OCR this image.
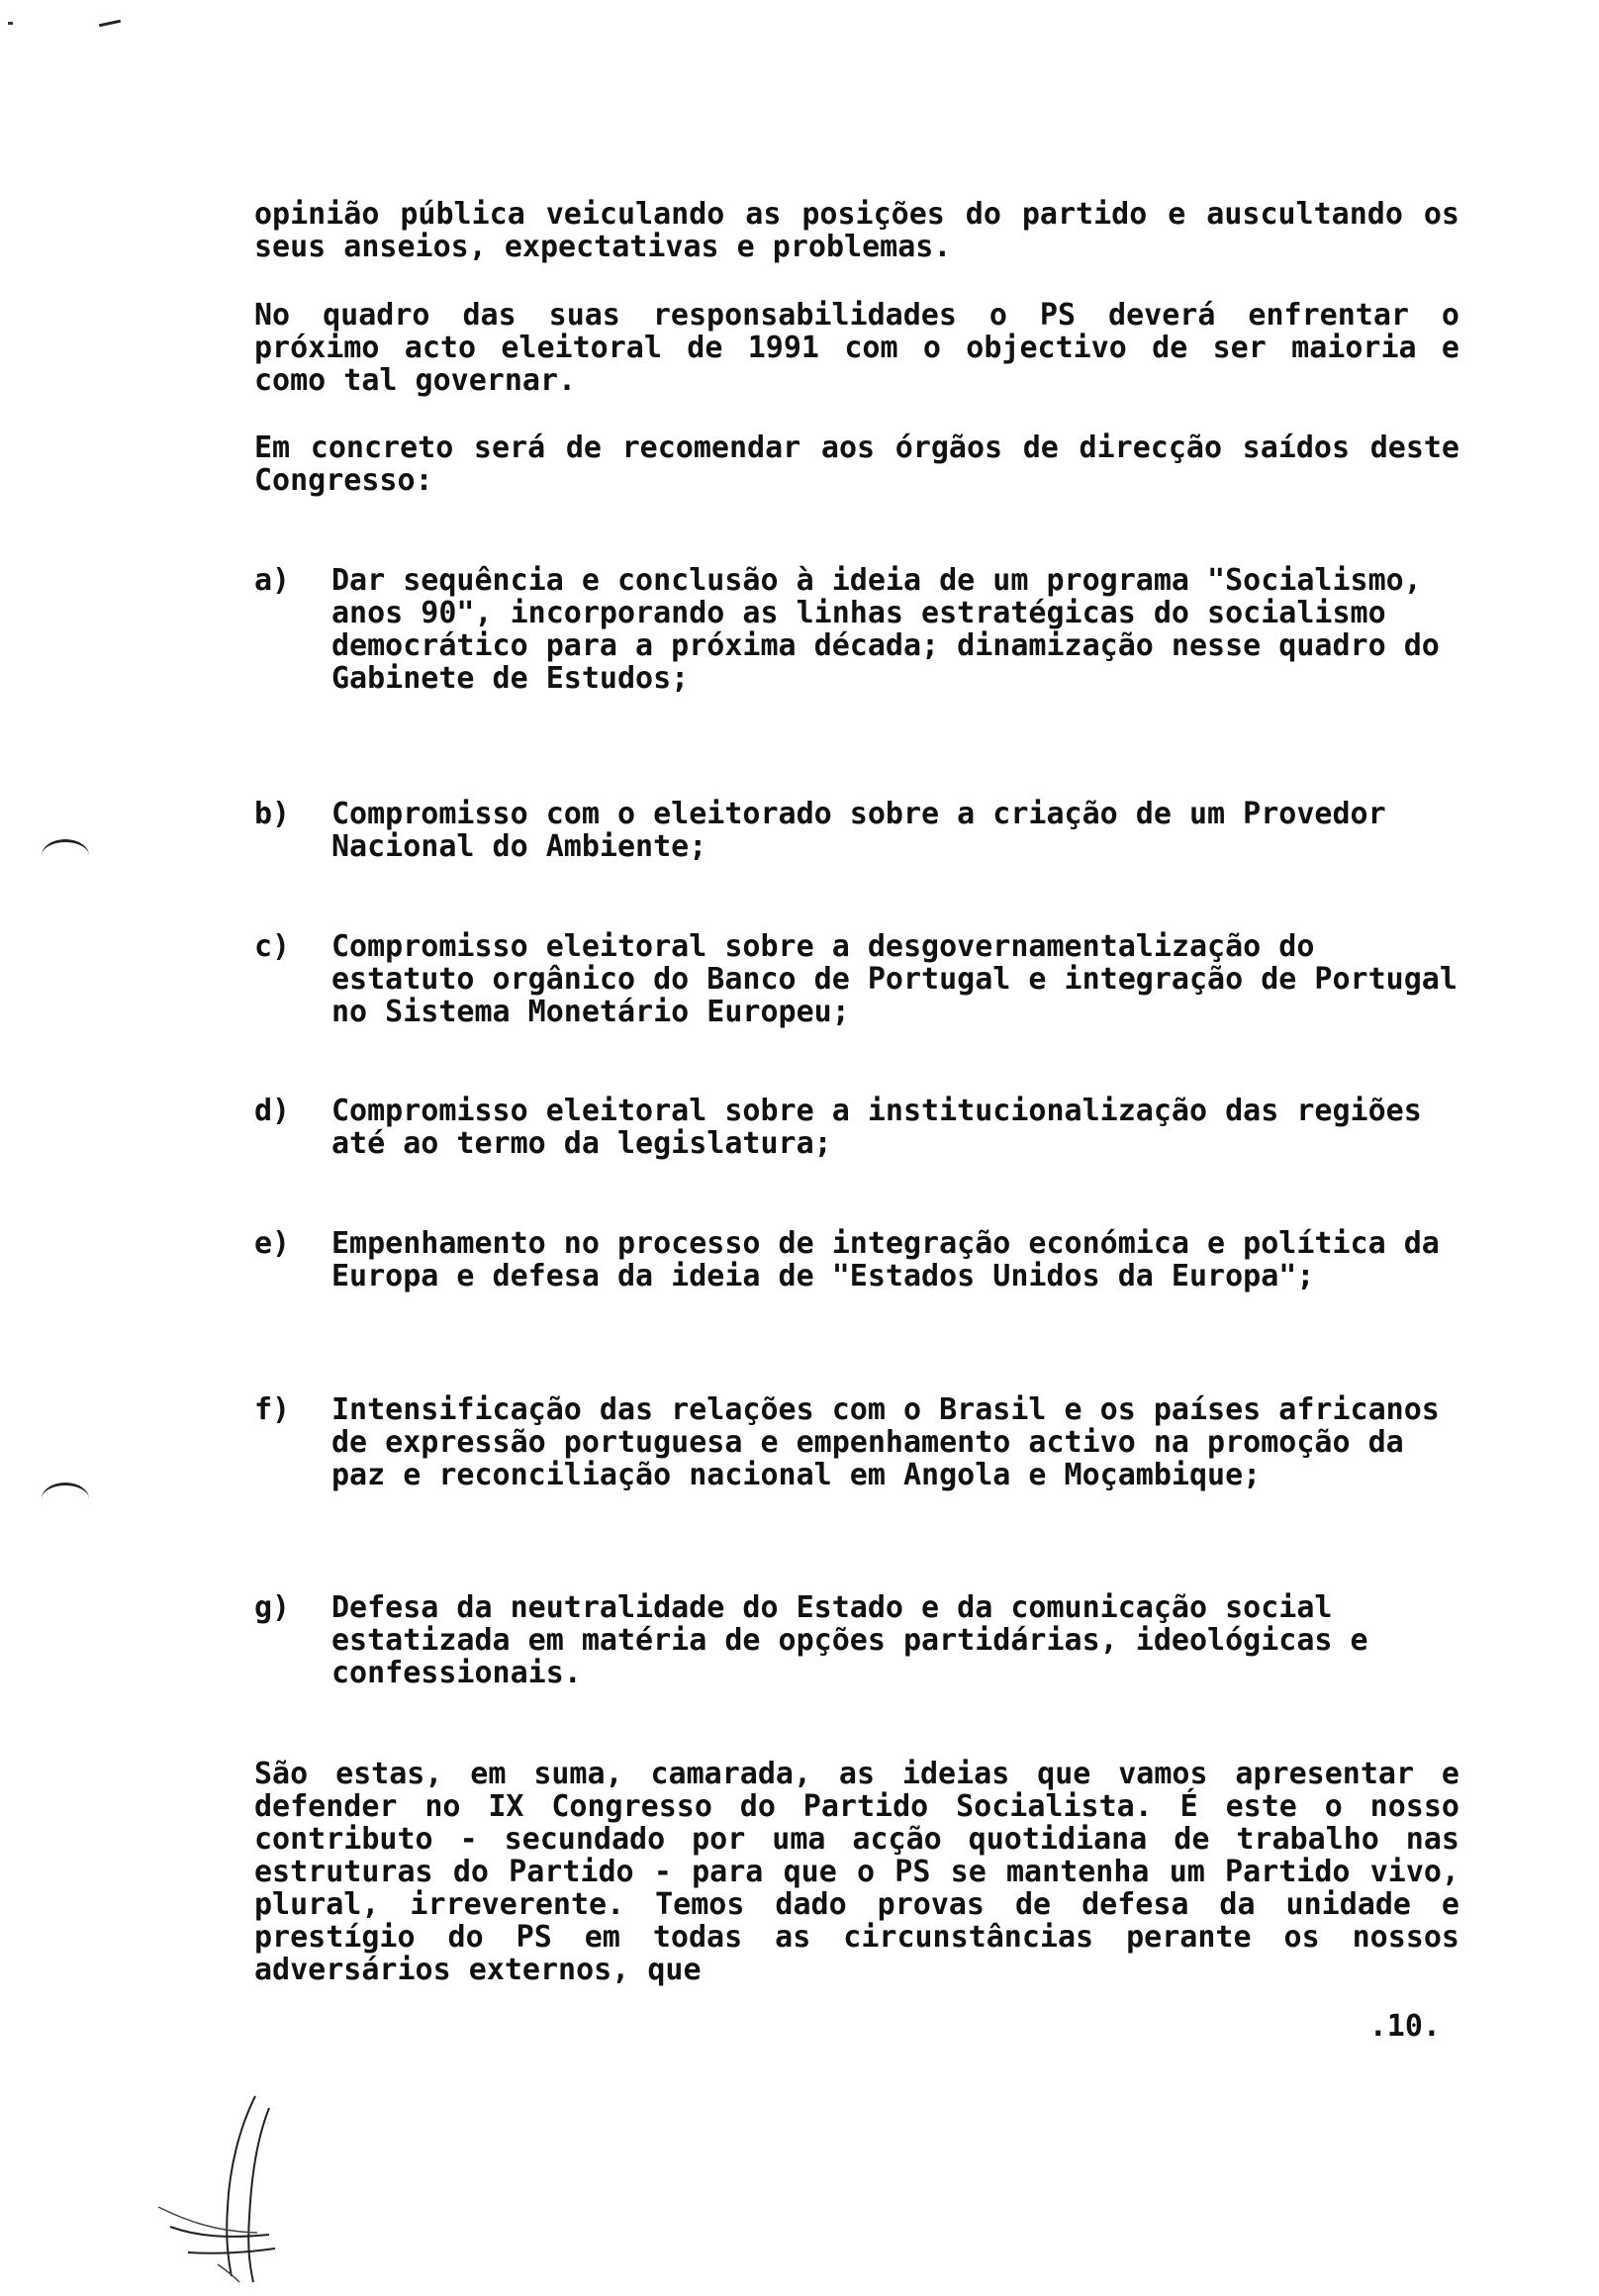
opinião pública veiculando as posições do partido e auscultando os seus anseios, expectativas e problemas.

No quadro das suas responsabilidades o PS deverá enfrentar o próximo acto eleitoral de 1991 com o objectivo de ser maioria e como tal governar.

Em concreto será de recomendar aos órgãos de direcção saídos deste Congresso:

a) Dar sequência e conclusão à ideia de um programa "Socialismo, anos 90", incorporando as linhas estratégicas do socialismo democrático para a próxima década; dinamização nesse quadro do Gabinete de Estudos;
b) Compromisso com o eleitorado sobre a criação de um Provedor Nacional do Ambiente;
c) Compromisso eleitoral sobre a desgovernamentalização do estatuto orgânico do Banco de Portugal e integração de Portugal no Sistema Monetário Europeu;
d) Compromisso eleitoral sobre a institucionalização das regiões até ao termo da legislatura;
e) Empenhamento no processo de integração económica e política da Europa e defesa da ideia de "Estados Unidos da Europa";
f) Intensificação das relações com o Brasil e os países africanos de expressão portuguesa e empenhamento activo na promoção da paz e reconciliação nacional em Angola e Moçambique;
g) Defesa da neutralidade do Estado e da comunicação social estatizada em matéria de opções partidárias, ideológicas e confessionais.

São estas, em suma, camarada, as ideias que vamos apresentar e defender no IX Congresso do Partido Socialista. É este o nosso contributo - secundado por uma acção quotidiana de trabalho nas estruturas do Partido - para que o PS se mantenha um Partido vivo, plural, irreverente. Temos dado provas de defesa da unidade e prestígio do PS em todas as circunstâncias perante os nossos adversários externos, que

.10.
